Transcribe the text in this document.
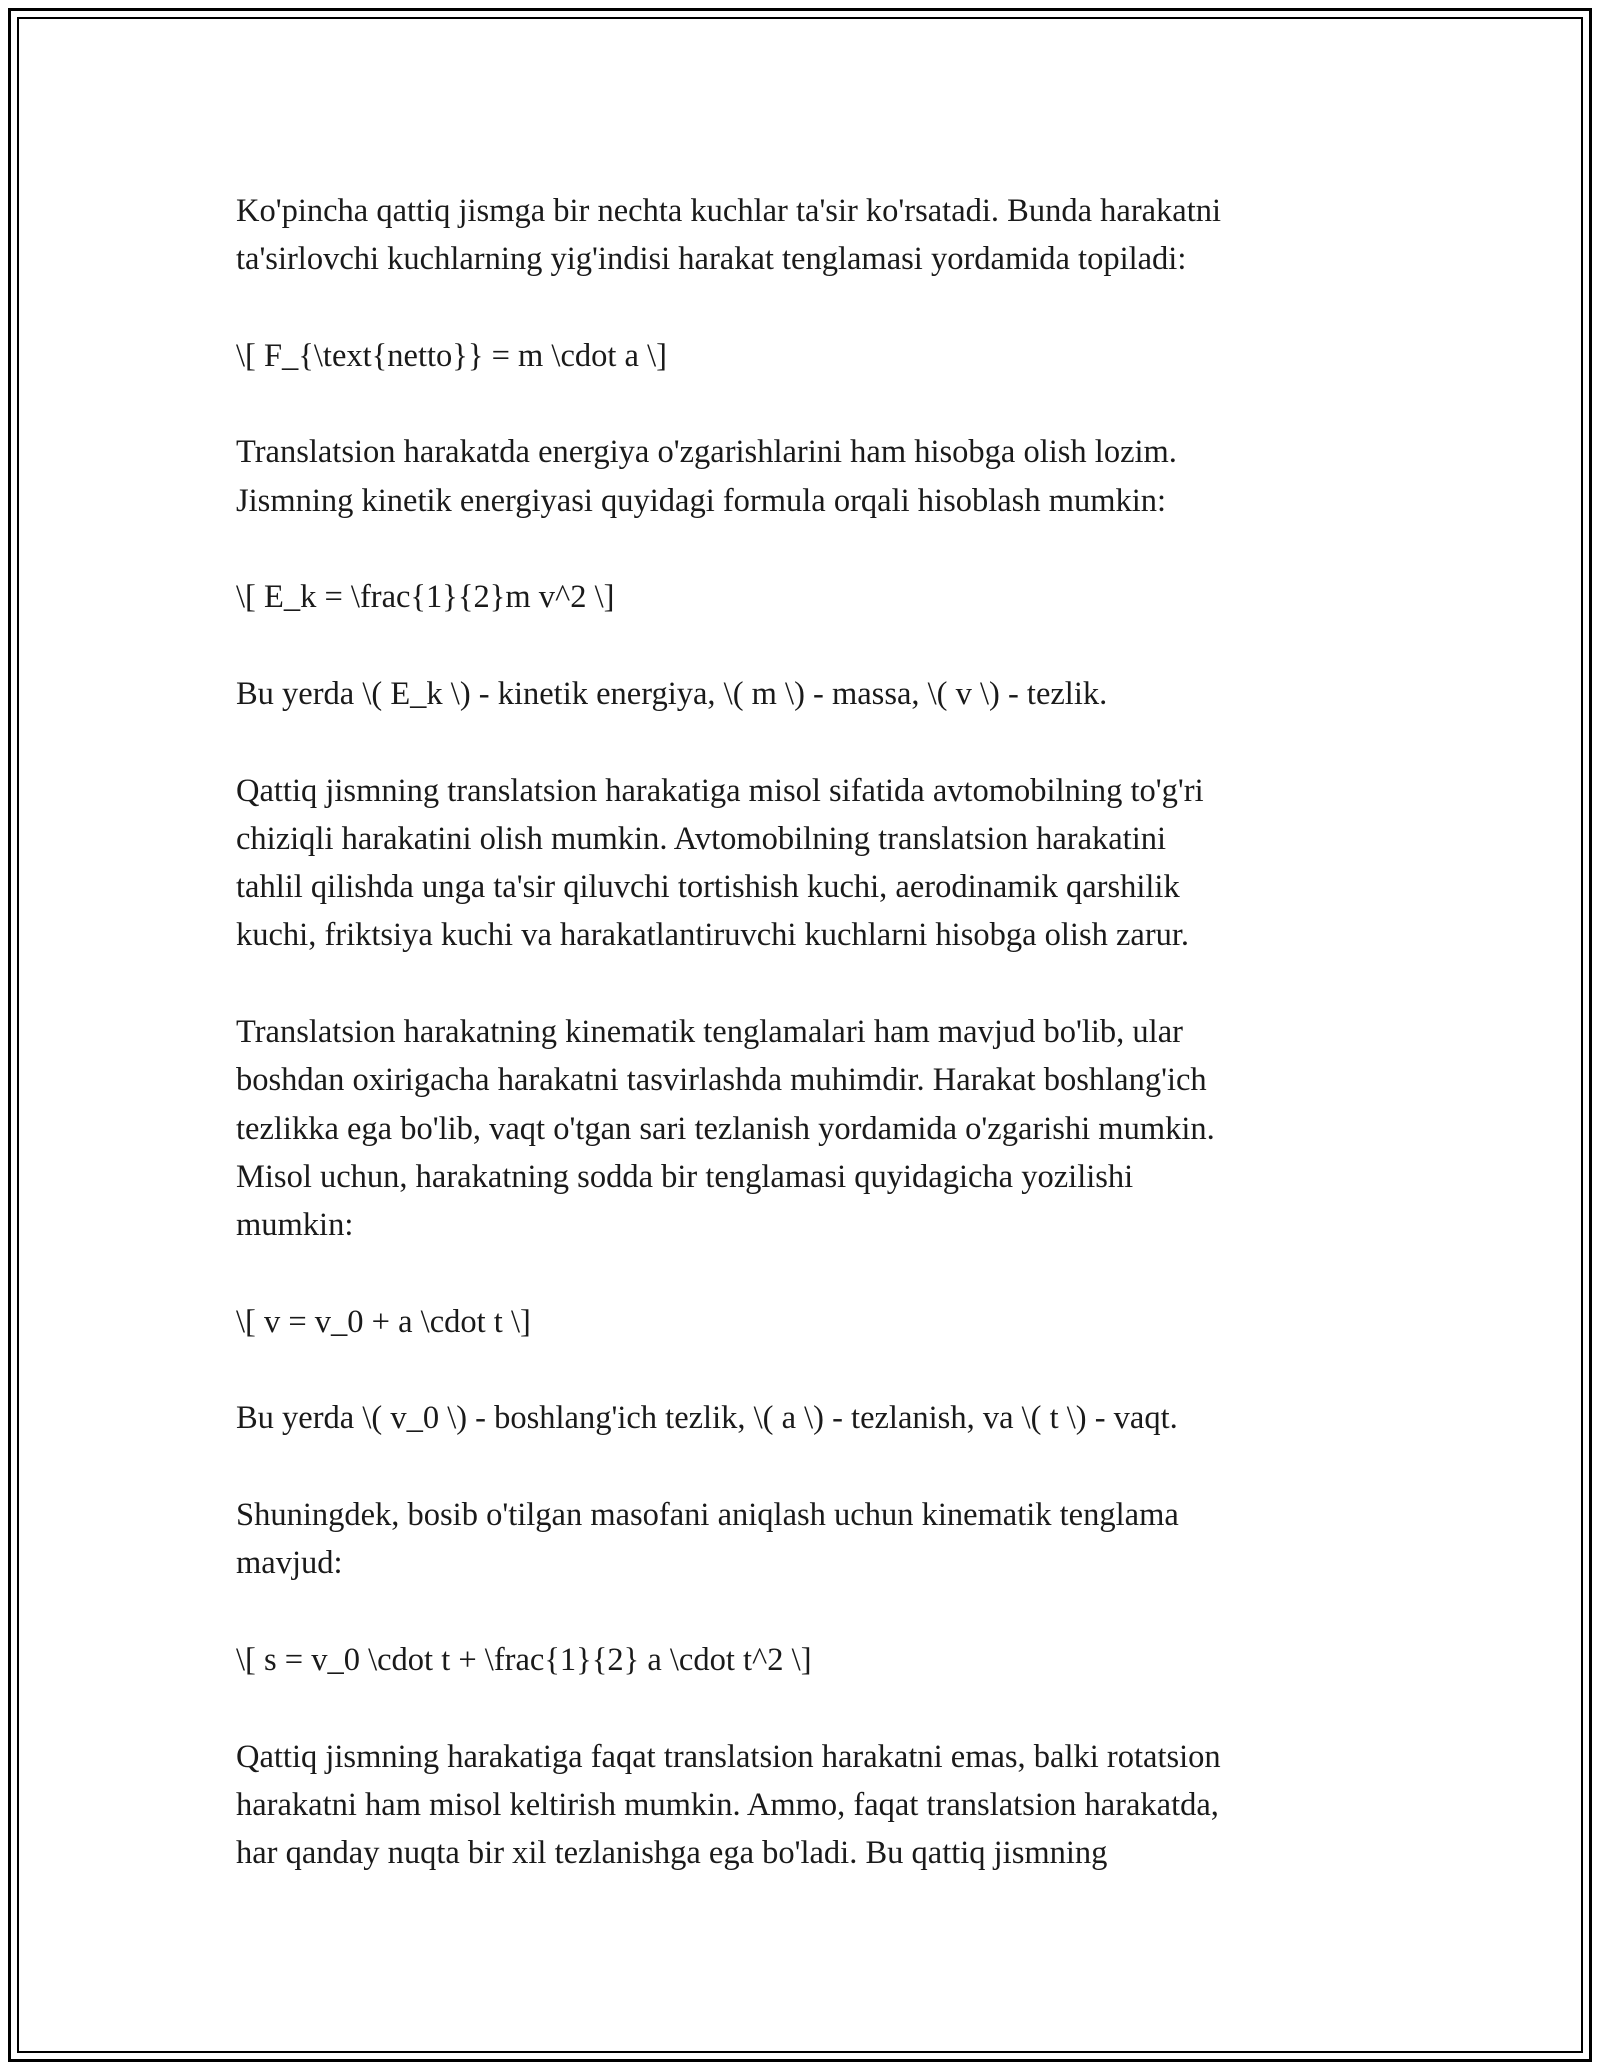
Ko'pincha qattiq jismga bir nechta kuchlar ta'sir ko'rsatadi. Bunda harakatni
ta'sirlovchi kuchlarning yig'indisi harakat tenglamasi yordamida topiladi:

\[ F_{\text{netto}} = m \cdot a \]

Translatsion harakatda energiya o'zgarishlarini ham hisobga olish lozim.
Jismning kinetik energiyasi quyidagi formula orqali hisoblash mumkin:

\[ E_k = \frac{1}{2}m v^2 \]

Bu yerda \( E_k \) - kinetik energiya, \( m \) - massa, \( v \) - tezlik.

Qattiq jismning translatsion harakatiga misol sifatida avtomobilning to'g'ri
chiziqli harakatini olish mumkin. Avtomobilning translatsion harakatini
tahlil qilishda unga ta'sir qiluvchi tortishish kuchi, aerodinamik qarshilik
kuchi, friktsiya kuchi va harakatlantiruvchi kuchlarni hisobga olish zarur.

Translatsion harakatning kinematik tenglamalari ham mavjud bo'lib, ular
boshdan oxirigacha harakatni tasvirlashda muhimdir. Harakat boshlang'ich
tezlikka ega bo'lib, vaqt o'tgan sari tezlanish yordamida o'zgarishi mumkin.
Misol uchun, harakatning sodda bir tenglamasi quyidagicha yozilishi
mumkin:

\[ v = v_0 + a \cdot t \]

Bu yerda \( v_0 \) - boshlang'ich tezlik, \( a \) - tezlanish, va \( t \) - vaqt.

Shuningdek, bosib o'tilgan masofani aniqlash uchun kinematik tenglama
mavjud:

\[ s = v_0 \cdot t + \frac{1}{2} a \cdot t^2 \]

Qattiq jismning harakatiga faqat translatsion harakatni emas, balki rotatsion
harakatni ham misol keltirish mumkin. Ammo, faqat translatsion harakatda,
har qanday nuqta bir xil tezlanishga ega bo'ladi. Bu qattiq jismning
